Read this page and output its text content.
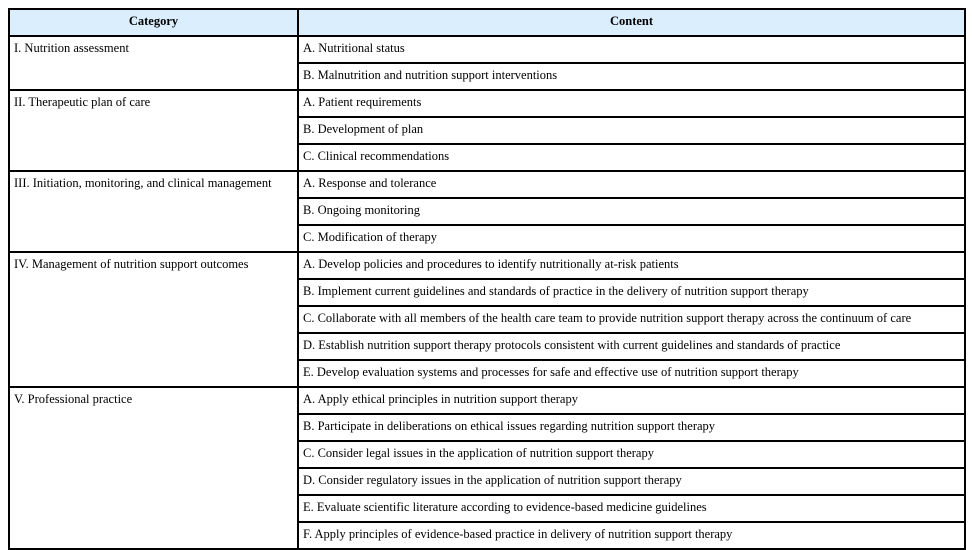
Category	Content
I. Nutrition assessment	A. Nutritional status
	B. Malnutrition and nutrition support interventions
II. Therapeutic plan of care	A. Patient requirements
	B. Development of plan
	C. Clinical recommendations
III. Initiation, monitoring, and clinical management	A. Response and tolerance
	B. Ongoing monitoring
	C. Modification of therapy
IV. Management of nutrition support outcomes	A. Develop policies and procedures to identify nutritionally at-risk patients
	B. Implement current guidelines and standards of practice in the delivery of nutrition support therapy
	C. Collaborate with all members of the health care team to provide nutrition support therapy across the continuum of care
	D. Establish nutrition support therapy protocols consistent with current guidelines and standards of practice
	E. Develop evaluation systems and processes for safe and effective use of nutrition support therapy
V. Professional practice	A. Apply ethical principles in nutrition support therapy
	B. Participate in deliberations on ethical issues regarding nutrition support therapy
	C. Consider legal issues in the application of nutrition support therapy
	D. Consider regulatory issues in the application of nutrition support therapy
	E. Evaluate scientific literature according to evidence-based medicine guidelines
	F. Apply principles of evidence-based practice in delivery of nutrition support therapy
